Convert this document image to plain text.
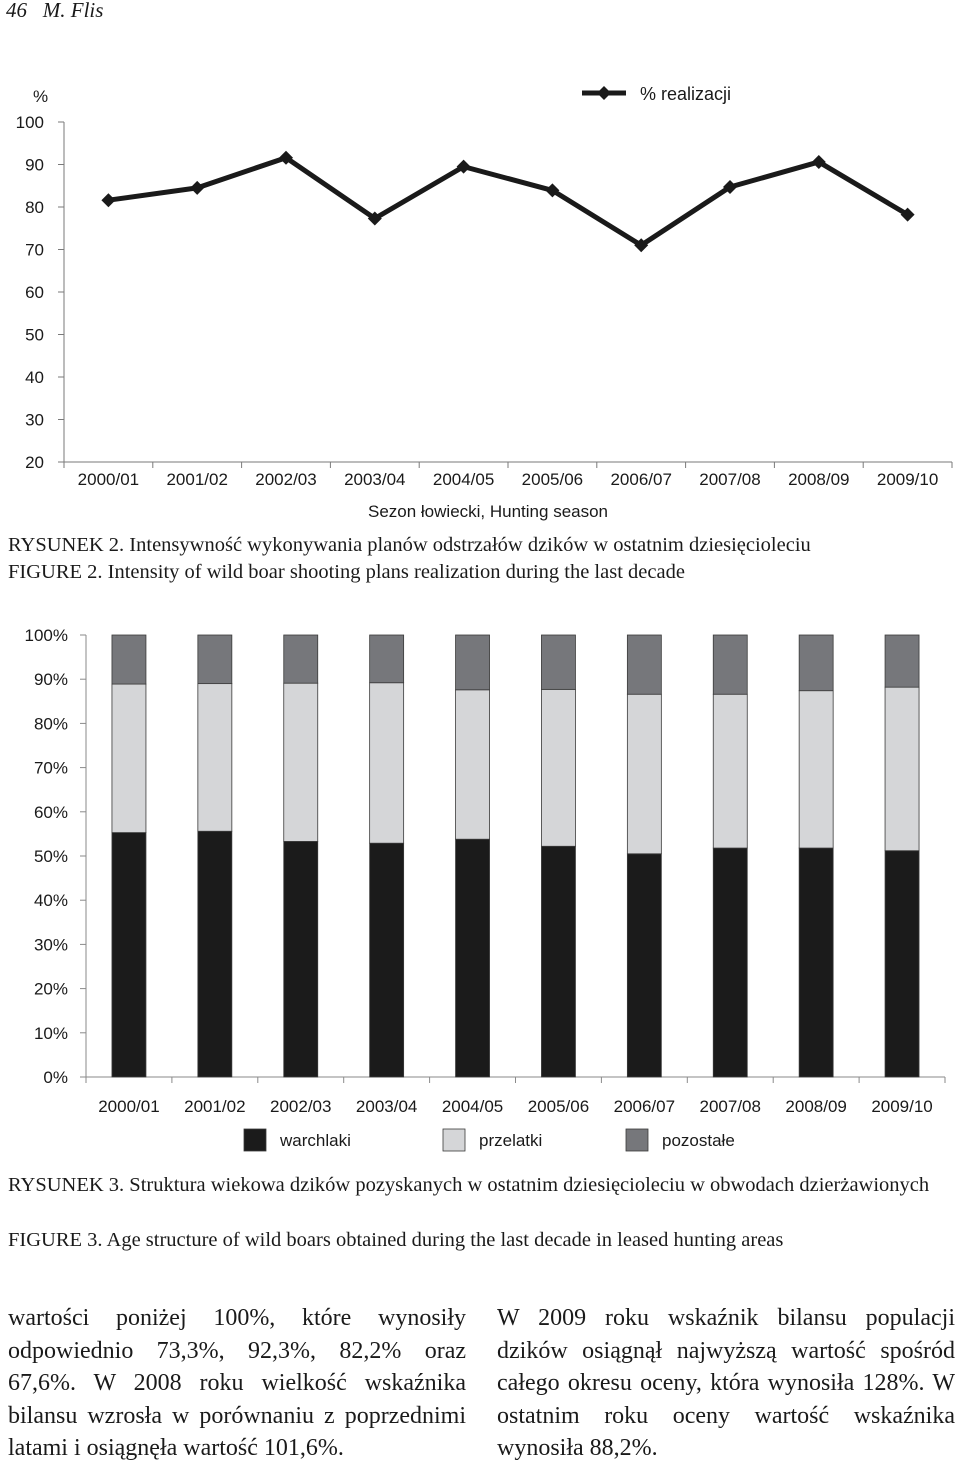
46 M. Flis
%
100
90
80
70
60
50
40
30
20
2000/01 2001/02 2002/03 2003/04 2004/05 2005/06 2006/07 2007/08 2008/09 2009/10
Sezon łowiecki, Hunting season
% realizacji
RYSUNEK 2. Intensywność wykonywania planów odstrzałów dzików w ostatnim dziesięcioleciu
FIGURE 2. Intensity of wild boar shooting plans realization during the last decade
100%
90%
80%
70%
60%
50%
40%
30%
20%
10%
0%
2000/01 2001/02 2002/03 2003/04 2004/05 2005/06 2006/07 2007/08 2008/09 2009/10
warchlaki	przelatki	pozostałe
RYSUNEK 3. Struktura wiekowa dzików pozyskanych w ostatnim dziesięcioleciu w obwodach dzierżawionych
FIGURE 3. Age structure of wild boars obtained during the last decade in leased hunting areas
wartości poniżej 100%, które wynosiły odpowiednio 73,3%, 92,3%, 82,2% oraz 67,6%. W 2008 roku wielkość wskaźnika bilansu wzrosła w porównaniu z poprzednimi latami i osiągnęła wartość 101,6%.
W 2009 roku wskaźnik bilansu populacji dzików osiągnął najwyższą wartość spośród całego okresu oceny, która wynosiła 128%. W ostatnim roku oceny wartość wskaźnika wynosiła 88,2%.
